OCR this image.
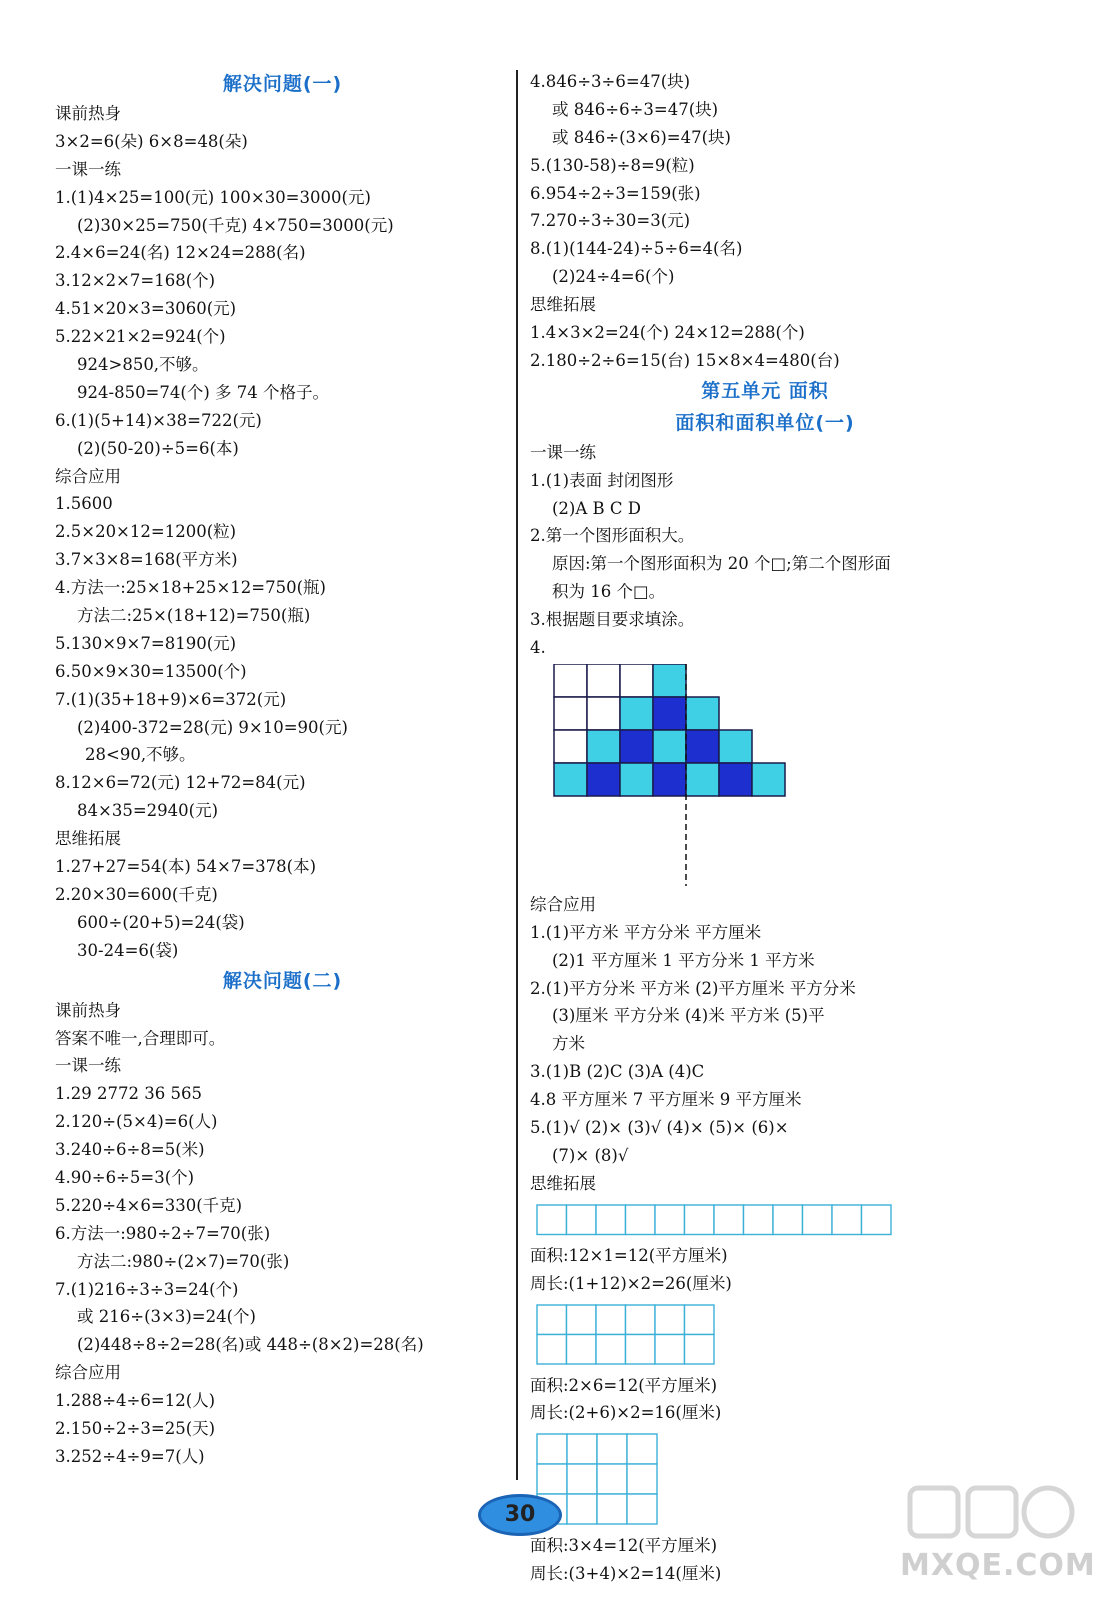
解决问题(一)
课前热身
3×2=6(朵) 6×8=48(朵)
一课一练
1.(1)4×25=100(元) 100×30=3000(元)
(2)30×25=750(千克) 4×750=3000(元)
2.4×6=24(名) 12×24=288(名)
3.12×2×7=168(个)
4.51×20×3=3060(元)
5.22×21×2=924(个)
924>850,不够。
924-850=74(个) 多 74 个格子。
6.(1)(5+14)×38=722(元)
(2)(50-20)÷5=6(本)
综合应用
1.5600
2.5×20×12=1200(粒)
3.7×3×8=168(平方米)
4.方法一:25×18+25×12=750(瓶)
方法二:25×(18+12)=750(瓶)
5.130×9×7=8190(元)
6.50×9×30=13500(个)
7.(1)(35+18+9)×6=372(元)
(2)400-372=28(元) 9×10=90(元)
28<90,不够。
8.12×6=72(元) 12+72=84(元)
84×35=2940(元)
思维拓展
1.27+27=54(本) 54×7=378(本)
2.20×30=600(千克)
600÷(20+5)=24(袋)
30-24=6(袋)
解决问题(二)
课前热身
答案不唯一,合理即可。
一课一练
1.29 2772 36 565
2.120÷(5×4)=6(人)
3.240÷6÷8=5(米)
4.90÷6÷5=3(个)
5.220÷4×6=330(千克)
6.方法一:980÷2÷7=70(张)
方法二:980÷(2×7)=70(张)
7.(1)216÷3÷3=24(个)
或 216÷(3×3)=24(个)
(2)448÷8÷2=28(名)或 448÷(8×2)=28(名)
综合应用
1.288÷4÷6=12(人)
2.150÷2÷3=25(天)
3.252÷4÷9=7(人)
4.846÷3÷6=47(块)
或 846÷6÷3=47(块)
或 846÷(3×6)=47(块)
5.(130-58)÷8=9(粒)
6.954÷2÷3=159(张)
7.270÷3÷30=3(元)
8.(1)(144-24)÷5÷6=4(名)
(2)24÷4=6(个)
思维拓展
1.4×3×2=24(个) 24×12=288(个)
2.180÷2÷6=15(台) 15×8×4=480(台)
第五单元 面积
面积和面积单位(一)
一课一练
1.(1)表面 封闭图形
(2)A B C D
2.第一个图形面积大。
原因:第一个图形面积为 20 个□;第二个图形面
积为 16 个□。
3.根据题目要求填涂。
4.
综合应用
1.(1)平方米 平方分米 平方厘米
(2)1 平方厘米 1 平方分米 1 平方米
2.(1)平方分米 平方米 (2)平方厘米 平方分米
(3)厘米 平方分米 (4)米 平方米 (5)平
方米
3.(1)B (2)C (3)A (4)C
4.8 平方厘米 7 平方厘米 9 平方厘米
5.(1)√ (2)× (3)√ (4)× (5)× (6)×
(7)× (8)√
思维拓展
面积:12×1=12(平方厘米)
周长:(1+12)×2=26(厘米)
面积:2×6=12(平方厘米)
周长:(2+6)×2=16(厘米)
面积:3×4=12(平方厘米)
周长:(3+4)×2=14(厘米)
30
MXQE.COM
